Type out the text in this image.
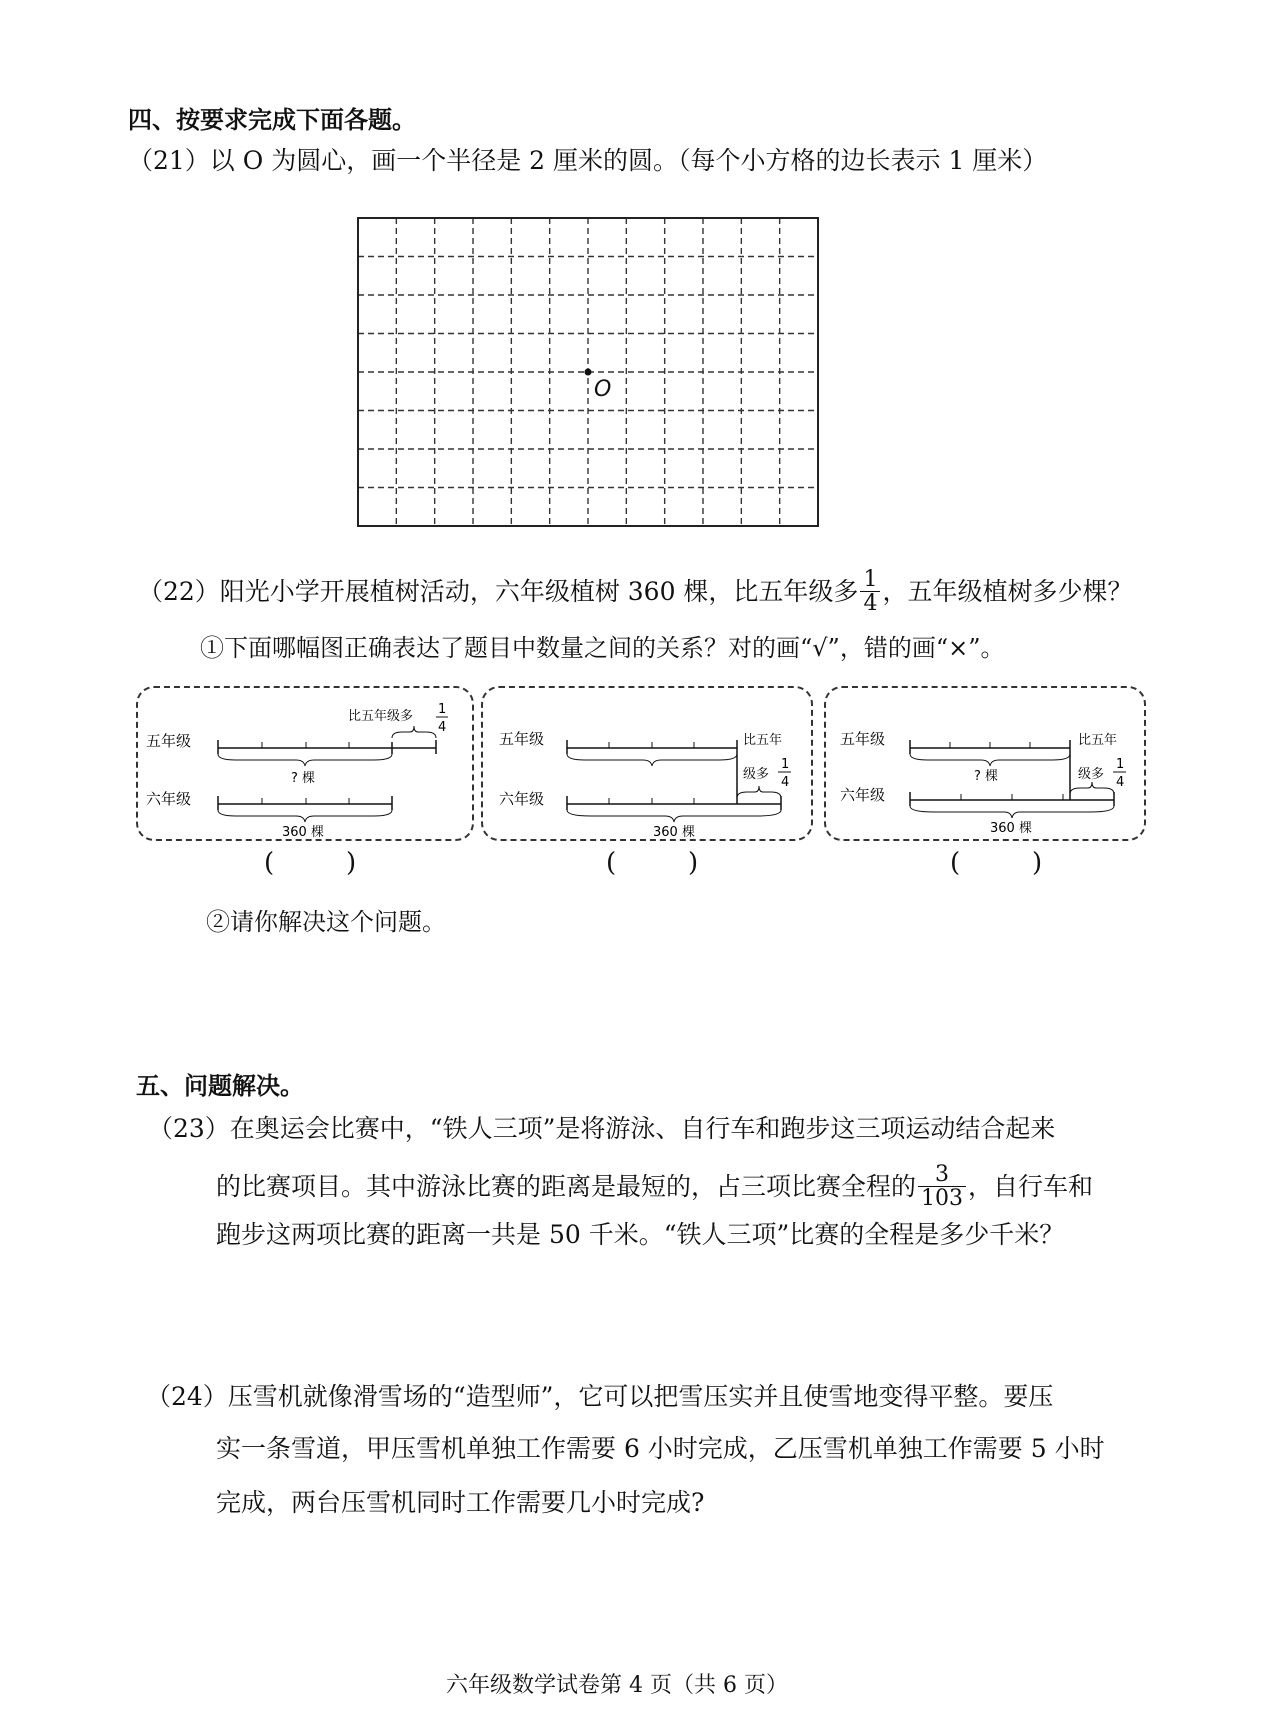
四、按要求完成下面各题。
（21）以 O 为圆心，画一个半径是 2 厘米的圆。（每个小方格的边长表示 1 厘米）
O
（22）阳光小学开展植树活动，六年级植树 360 棵，比五年级多 $\frac{1}{4}$ ，五年级植树多少棵？
①下面哪幅图正确表达了题目中数量之间的关系？对的画“√”，错的画“×”。
五年级
六年级
? 棵
比五年级多 1
4
360 棵
五年级
六年级
比五年
级多
1
4
360 棵
五年级
六年级
? 棵
比五年
级多
1
4
360 棵
(	)	(	)	(	)
②请你解决这个问题。
五、问题解决。
（23）在奥运会比赛中，“铁人三项”是将游泳、自行车和跑步这三项运动结合起来
的比赛项目。其中游泳比赛的距离是最短的，占三项比赛全程的 $\frac{3}{103}$ ，自行车和
跑步这两项比赛的距离一共是 50 千米。“铁人三项”比赛的全程是多少千米？
（24）压雪机就像滑雪场的“造型师”，它可以把雪压实并且使雪地变得平整。要压
实一条雪道，甲压雪机单独工作需要 6 小时完成，乙压雪机单独工作需要 5 小时
完成，两台压雪机同时工作需要几小时完成?
六年级数学试卷第 4 页（共 6 页）
